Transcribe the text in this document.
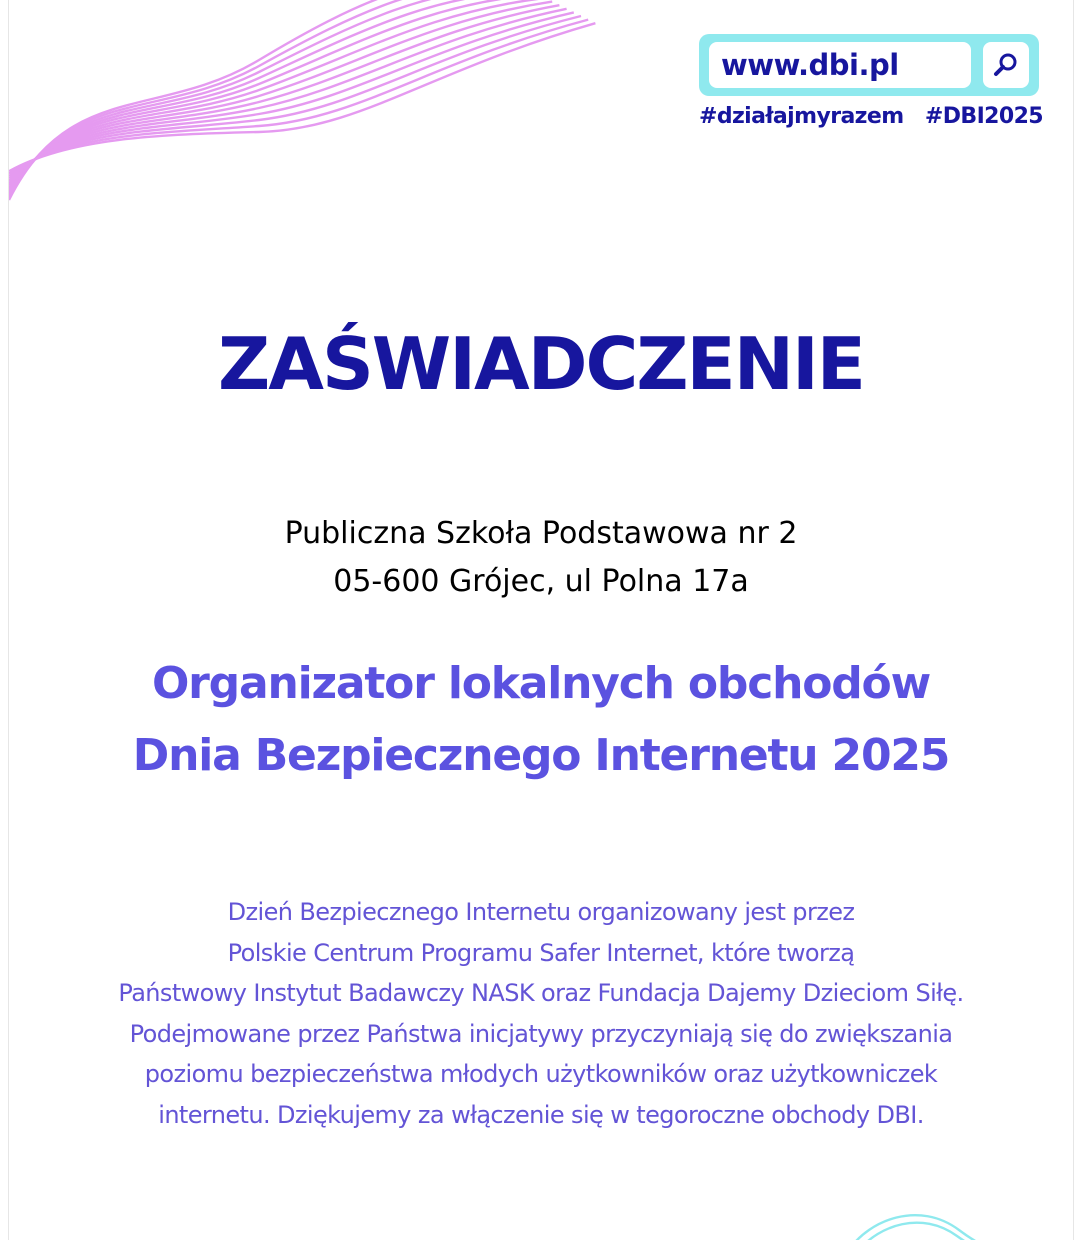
www.dbi.pl
#działajmyrazem #DBI2025
ZAŚWIADCZENIE
Publiczna Szkoła Podstawowa nr 2
05-600 Grójec, ul Polna 17a
Organizator lokalnych obchodów
Dnia Bezpiecznego Internetu 2025
Dzień Bezpiecznego Internetu organizowany jest przez
Polskie Centrum Programu Safer Internet, które tworzą
Państwowy Instytut Badawczy NASK oraz Fundacja Dajemy Dzieciom Siłę.
Podejmowane przez Państwa inicjatywy przyczyniają się do zwiększania
poziomu bezpieczeństwa młodych użytkowników oraz użytkowniczek
internetu. Dziękujemy za włączenie się w tegoroczne obchody DBI.
